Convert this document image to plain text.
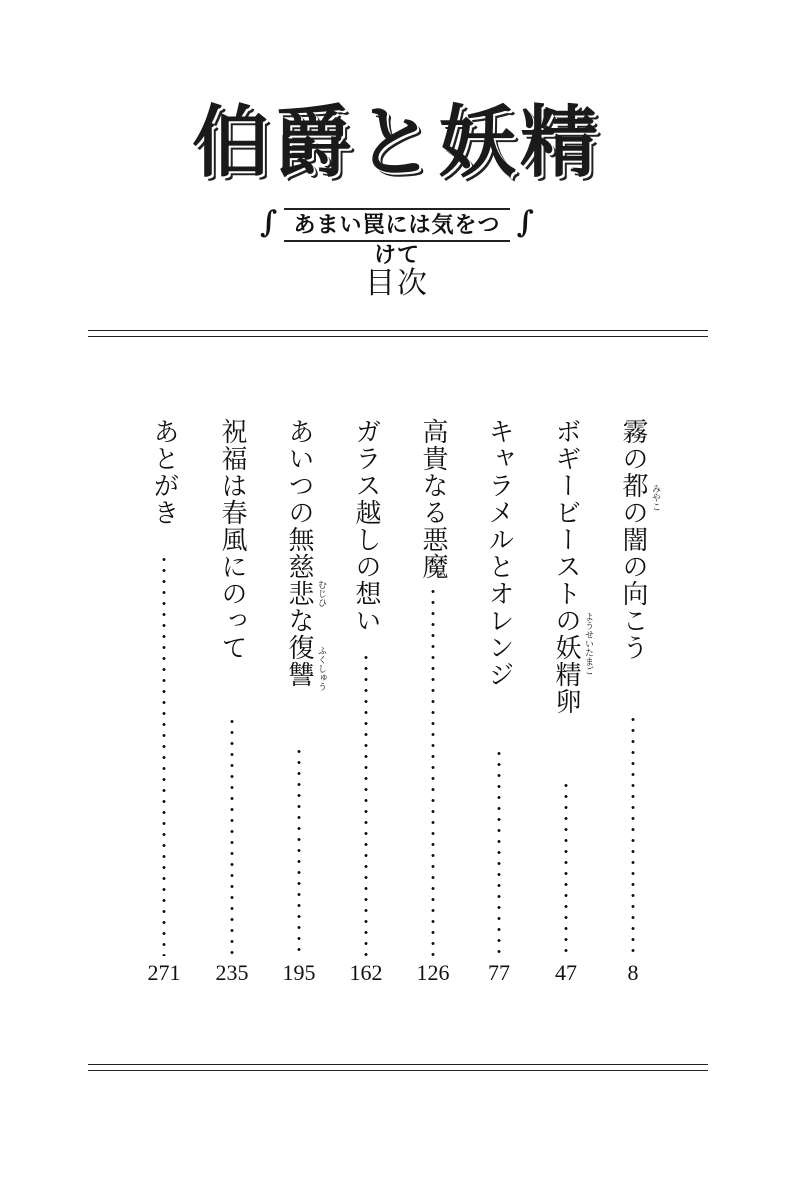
伯爵と妖精
∫ あまい罠には気をつけて
∫
目次
霧の都の闇の向こう みやこ
8
ボギービーストの妖精卵 ようせいたまご
47
キャラメルとオレンジ
77
高貴なる悪魔
126
ガラス越しの想い
162
あいつの無慈悲な復讐 むじひ
ふくしゅう
195
祝福は春風にのって
235
あとがき
271
